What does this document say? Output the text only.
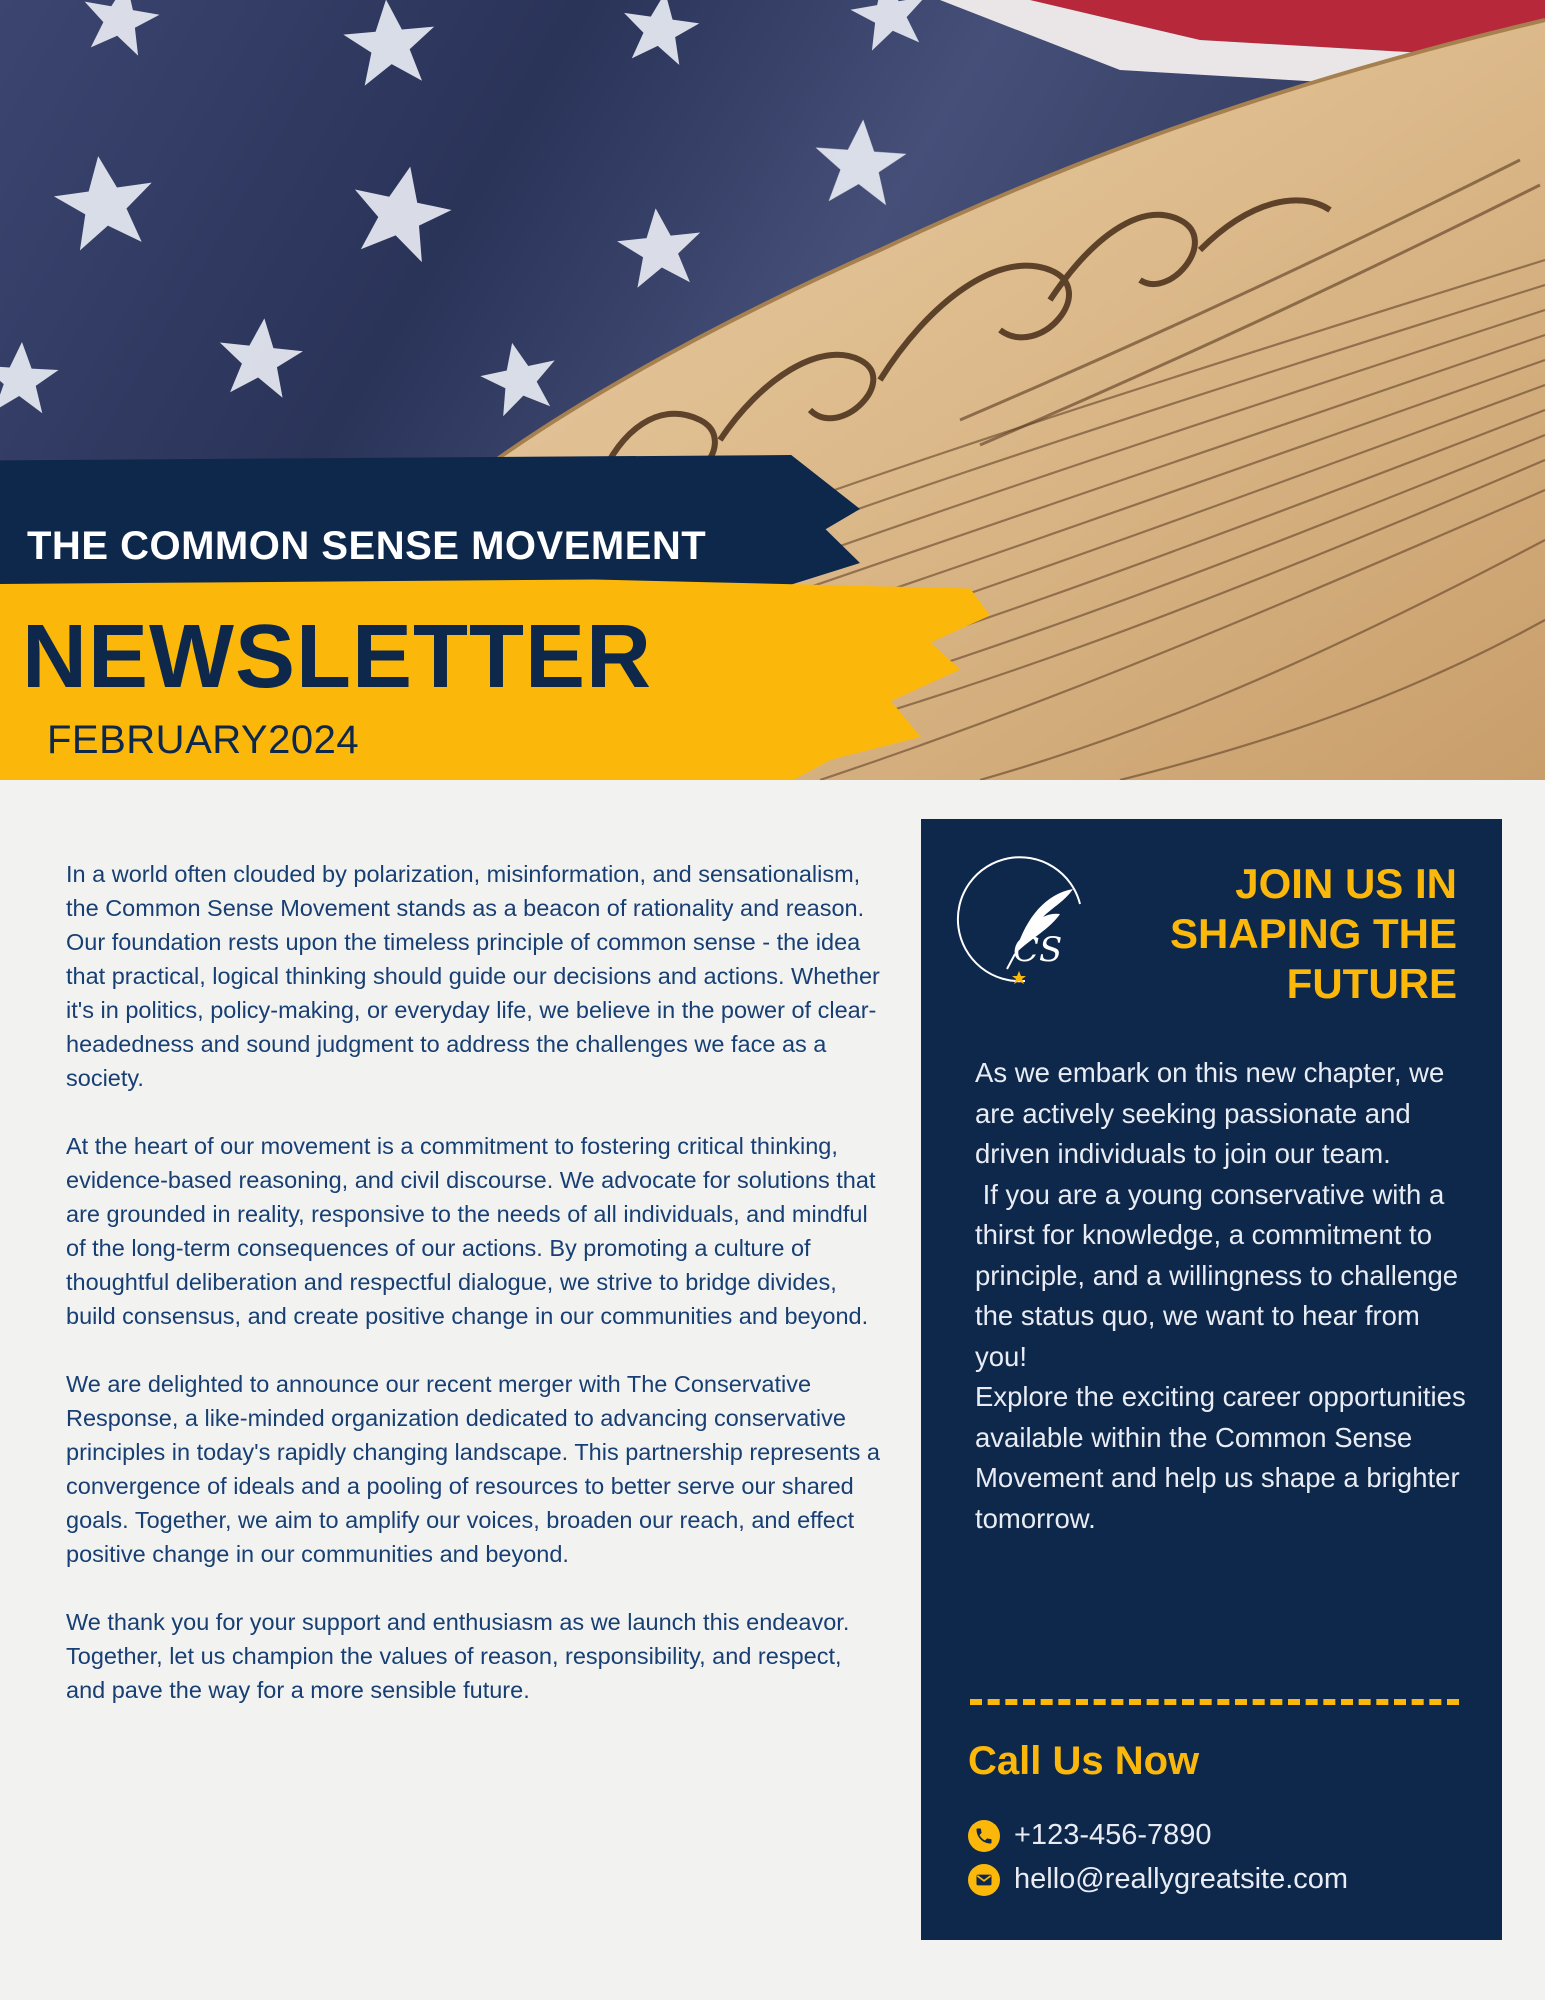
THE COMMON SENSE MOVEMENT
NEWSLETTER

FEBRUARY2024

In a world often clouded by polarization, misinformation, and sensationalism, the Common Sense Movement stands as a beacon of rationality and reason. Our foundation rests upon the timeless principle of common sense - the idea that practical, logical thinking should guide our decisions and actions. Whether it's in politics, policy-making, or everyday life, we believe in the power of clear-headedness and sound judgment to address the challenges we face as a society.

At the heart of our movement is a commitment to fostering critical thinking, evidence-based reasoning, and civil discourse. We advocate for solutions that are grounded in reality, responsive to the needs of all individuals, and mindful of the long-term consequences of our actions. By promoting a culture of thoughtful deliberation and respectful dialogue, we strive to bridge divides, build consensus, and create positive change in our communities and beyond.

We are delighted to announce our recent merger with The Conservative Response, a like-minded organization dedicated to advancing conservative principles in today's rapidly changing landscape. This partnership represents a convergence of ideals and a pooling of resources to better serve our shared goals. Together, we aim to amplify our voices, broaden our reach, and effect positive change in our communities and beyond.

We thank you for your support and enthusiasm as we launch this endeavor. Together, let us champion the values of reason, responsibility, and respect, and pave the way for a more sensible future.

CS
JOIN US IN
SHAPING THE
FUTURE

As we embark on this new chapter, we are actively seeking passionate and driven individuals to join our team.

If you are a young conservative with a thirst for knowledge, a commitment to principle, and a willingness to challenge the status quo, we want to hear from you!

Explore the exciting career opportunities available within the Common Sense Movement and help us shape a brighter tomorrow.

Call Us Now
+123-456-7890
hello@reallygreatsite.com
